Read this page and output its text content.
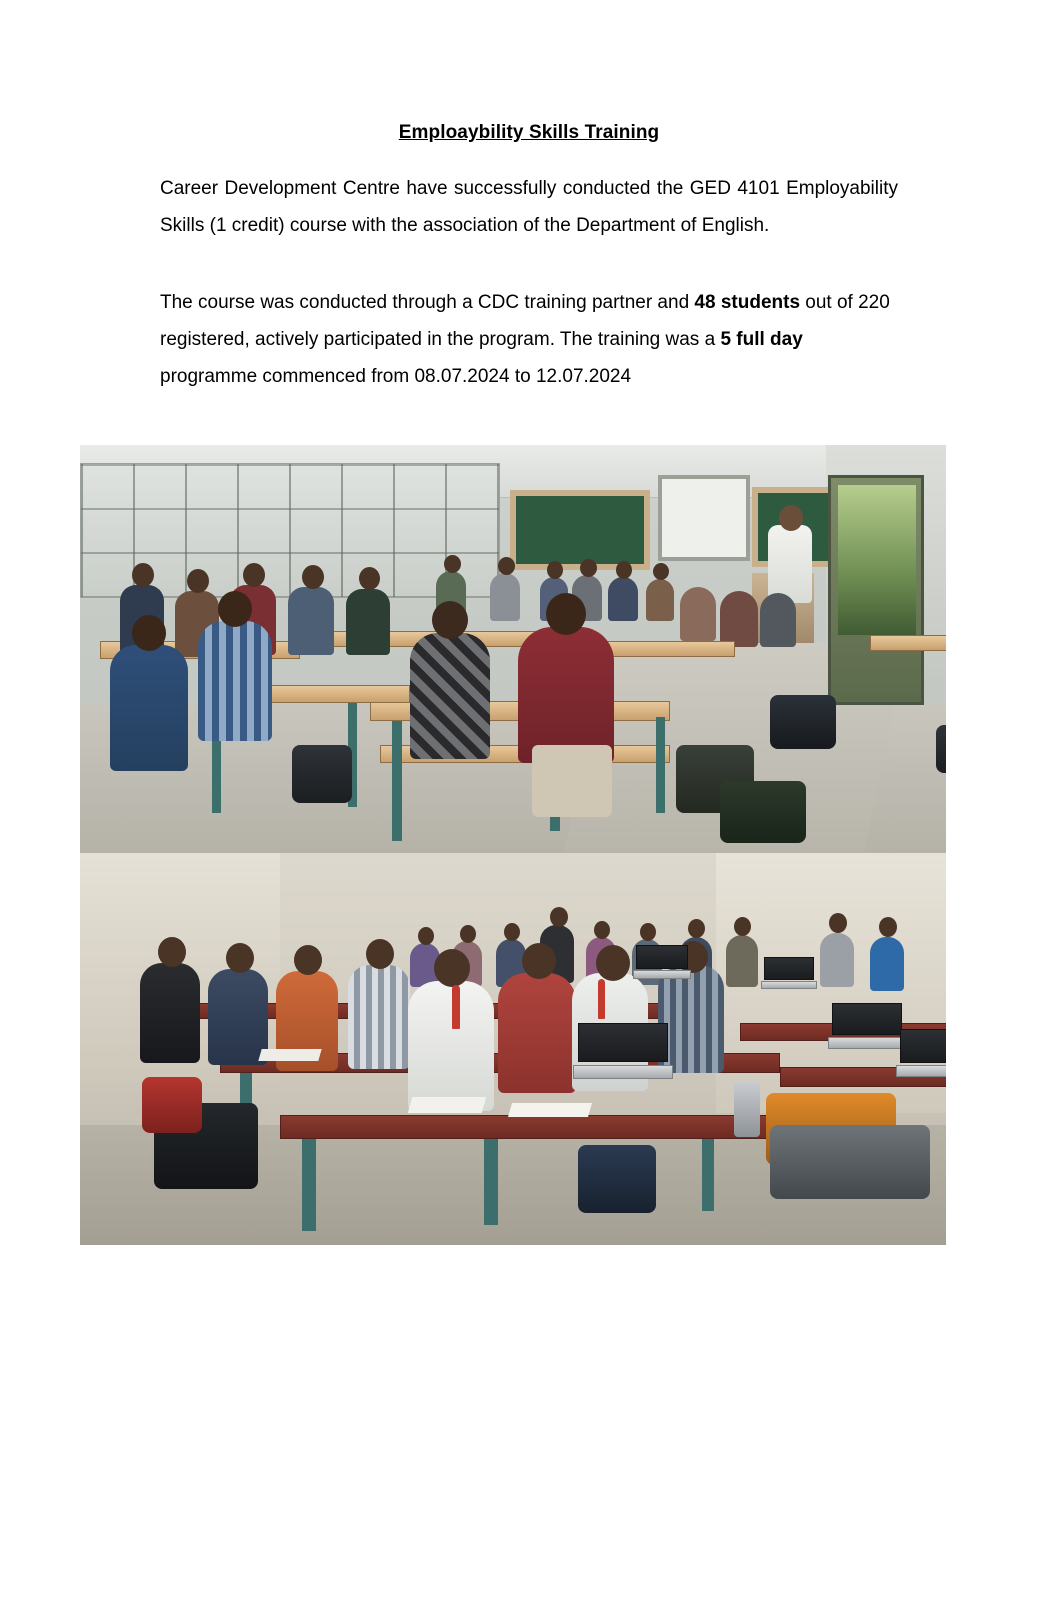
Emploaybility Skills Training

Career Development Centre have successfully conducted the GED 4101 Employability Skills (1 credit) course with the association of the Department of English.

The course was conducted through a CDC training partner and 48 students out of 220 registered, actively participated in the program. The training was a 5 full day programme commenced from 08.07.2024 to 12.07.2024
